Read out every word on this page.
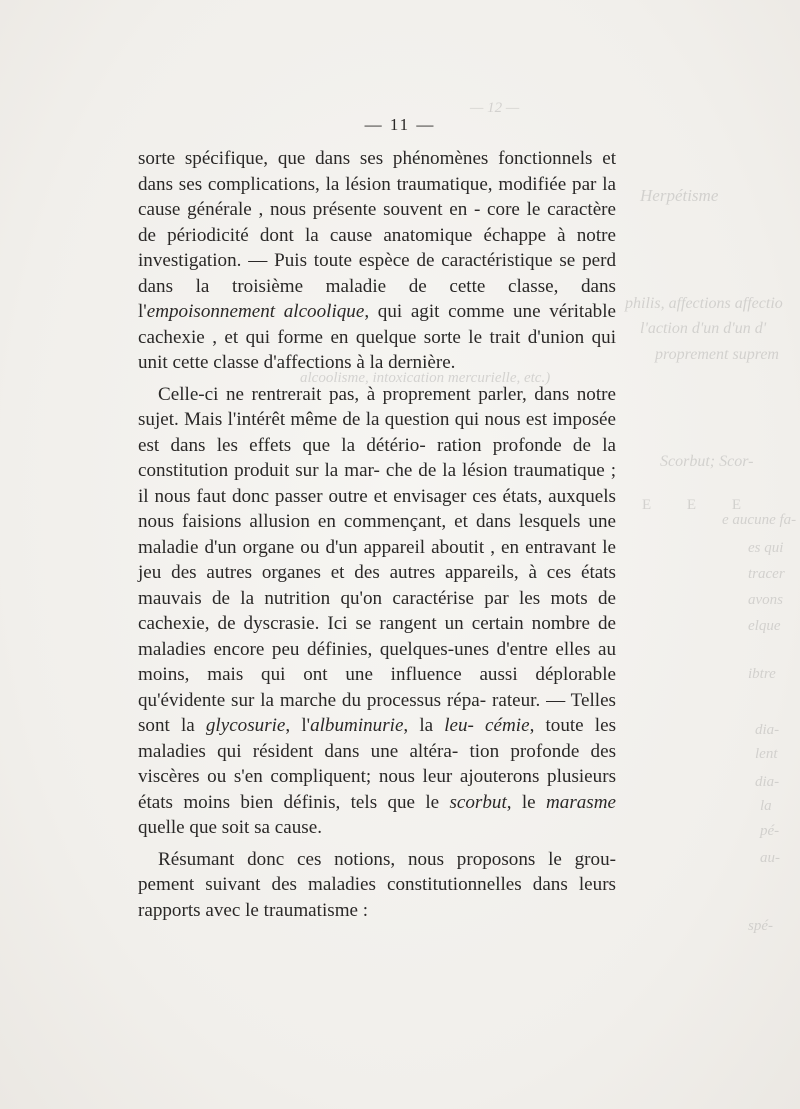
— 12 —
Herpétisme
philis, affections affectio
l'action d'un d'un d'
proprement suprem
alcoolisme, intoxication mercurielle, etc.)
Scorbut; Scor-
E E E
e aucune fa-
es qui
tracer
avons
elque
ibtre
dia-
lent
dia-
la
pé-
au-
spé-
— 11 —

sorte spécifique, que dans ses phénomènes fonctionnels et dans ses complications, la lésion traumatique, modifiée par la cause générale , nous présente souvent en - core le caractère de périodicité dont la cause anatomique échappe à notre investigation. — Puis toute espèce de caractéristique se perd dans la troisième maladie de cette classe, dans l'empoisonnement alcoolique, qui agit comme une véritable cachexie , et qui forme en quelque sorte le trait d'union qui unit cette classe d'affections à la dernière.

Celle-ci ne rentrerait pas, à proprement parler, dans notre sujet. Mais l'intérêt même de la question qui nous est imposée est dans les effets que la détério- ration profonde de la constitution produit sur la mar- che de la lésion traumatique ; il nous faut donc passer outre et envisager ces états, auxquels nous faisions allusion en commençant, et dans lesquels une maladie d'un organe ou d'un appareil aboutit , en entravant le jeu des autres organes et des autres appareils, à ces états mauvais de la nutrition qu'on caractérise par les mots de cachexie, de dyscrasie. Ici se rangent un certain nombre de maladies encore peu définies, quelques-unes d'entre elles au moins, mais qui ont une influence aussi déplorable qu'évidente sur la marche du processus répa- rateur. — Telles sont la glycosurie, l'albuminurie, la leu- cémie, toute les maladies qui résident dans une altéra- tion profonde des viscères ou s'en compliquent; nous leur ajouterons plusieurs états moins bien définis, tels que le scorbut, le marasme quelle que soit sa cause.

Résumant donc ces notions, nous proposons le grou- pement suivant des maladies constitutionnelles dans leurs rapports avec le traumatisme :
